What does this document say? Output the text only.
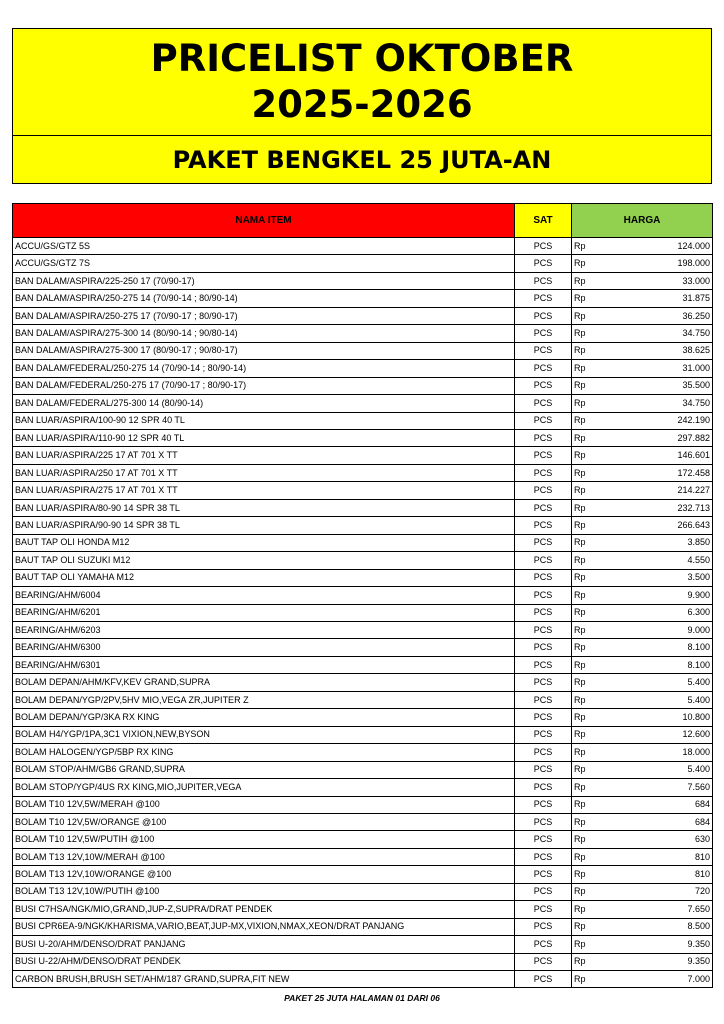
PRICELIST OKTOBER
2025-2026
PAKET BENGKEL 25 JUTA-AN
NAMA ITEM	SAT	HARGA	
ACCU/GS/GTZ 5S	PCS	Rp	124.000
ACCU/GS/GTZ 7S	PCS	Rp	198.000
BAN DALAM/ASPIRA/225-250 17 (70/90-17)	PCS	Rp	33.000
BAN DALAM/ASPIRA/250-275 14 (70/90-14 ; 80/90-14)	PCS	Rp	31.875
BAN DALAM/ASPIRA/250-275 17 (70/90-17 ; 80/90-17)	PCS	Rp	36.250
BAN DALAM/ASPIRA/275-300 14 (80/90-14 ; 90/80-14)	PCS	Rp	34.750
BAN DALAM/ASPIRA/275-300 17 (80/90-17 ; 90/80-17)	PCS	Rp	38.625
BAN DALAM/FEDERAL/250-275 14 (70/90-14 ; 80/90-14)	PCS	Rp	31.000
BAN DALAM/FEDERAL/250-275 17 (70/90-17 ; 80/90-17)	PCS	Rp	35.500
BAN DALAM/FEDERAL/275-300 14 (80/90-14)	PCS	Rp	34.750
BAN LUAR/ASPIRA/100-90 12 SPR 40 TL	PCS	Rp	242.190
BAN LUAR/ASPIRA/110-90 12 SPR 40 TL	PCS	Rp	297.882
BAN LUAR/ASPIRA/225 17 AT 701 X TT	PCS	Rp	146.601
BAN LUAR/ASPIRA/250 17 AT 701 X TT	PCS	Rp	172.458
BAN LUAR/ASPIRA/275 17 AT 701 X TT	PCS	Rp	214.227
BAN LUAR/ASPIRA/80-90 14 SPR 38 TL	PCS	Rp	232.713
BAN LUAR/ASPIRA/90-90 14 SPR 38 TL	PCS	Rp	266.643
BAUT TAP OLI HONDA M12	PCS	Rp	3.850
BAUT TAP OLI SUZUKI M12	PCS	Rp	4.550
BAUT TAP OLI YAMAHA M12	PCS	Rp	3.500
BEARING/AHM/6004	PCS	Rp	9.900
BEARING/AHM/6201	PCS	Rp	6.300
BEARING/AHM/6203	PCS	Rp	9.000
BEARING/AHM/6300	PCS	Rp	8.100
BEARING/AHM/6301	PCS	Rp	8.100
BOLAM DEPAN/AHM/KFV,KEV GRAND,SUPRA	PCS	Rp	5.400
BOLAM DEPAN/YGP/2PV,5HV MIO,VEGA ZR,JUPITER Z	PCS	Rp	5.400
BOLAM DEPAN/YGP/3KA RX KING	PCS	Rp	10.800
BOLAM H4/YGP/1PA,3C1 VIXION,NEW,BYSON	PCS	Rp	12.600
BOLAM HALOGEN/YGP/5BP RX KING	PCS	Rp	18.000
BOLAM STOP/AHM/GB6 GRAND,SUPRA	PCS	Rp	5.400
BOLAM STOP/YGP/4US RX KING,MIO,JUPITER,VEGA	PCS	Rp	7.560
BOLAM T10 12V,5W/MERAH @100	PCS	Rp	684
BOLAM T10 12V,5W/ORANGE @100	PCS	Rp	684
BOLAM T10 12V,5W/PUTIH @100	PCS	Rp	630
BOLAM T13 12V,10W/MERAH @100	PCS	Rp	810
BOLAM T13 12V,10W/ORANGE @100	PCS	Rp	810
BOLAM T13 12V,10W/PUTIH @100	PCS	Rp	720
BUSI C7HSA/NGK/MIO,GRAND,JUP-Z,SUPRA/DRAT PENDEK	PCS	Rp	7.650
BUSI CPR6EA-9/NGK/KHARISMA,VARIO,BEAT,JUP-MX,VIXION,NMAX,XEON/DRAT PANJANG	PCS	Rp	8.500
BUSI U-20/AHM/DENSO/DRAT PANJANG	PCS	Rp	9.350
BUSI U-22/AHM/DENSO/DRAT PENDEK	PCS	Rp	9.350
CARBON BRUSH,BRUSH SET/AHM/187 GRAND,SUPRA,FIT NEW	PCS	Rp	7.000
PAKET 25 JUTA HALAMAN 01 DARI 06
